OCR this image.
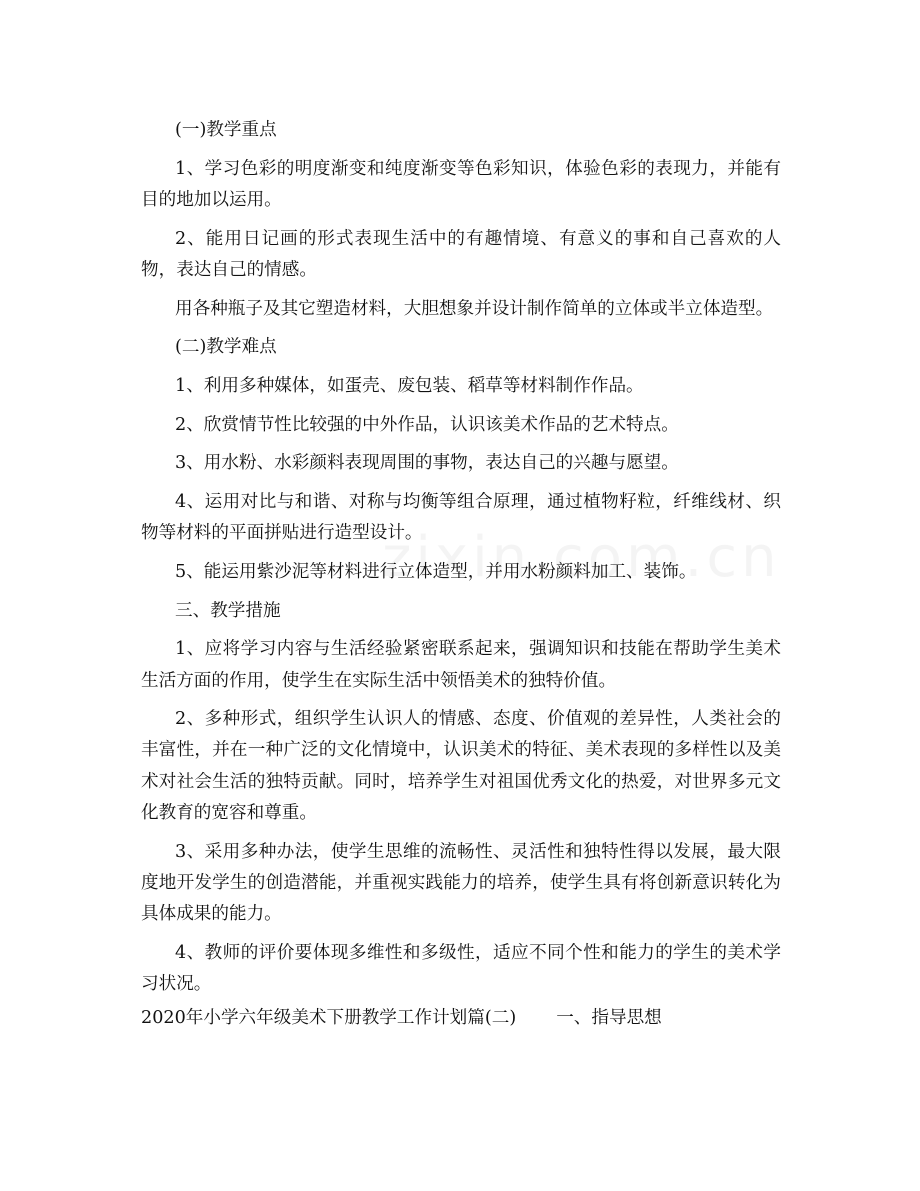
(一)教学重点

1、学习色彩的明度渐变和纯度渐变等色彩知识，体验色彩的表现力，并能有目的地加以运用。

2、能用日记画的形式表现生活中的有趣情境、有意义的事和自己喜欢的人物，表达自己的情感。

用各种瓶子及其它塑造材料，大胆想象并设计制作简单的立体或半立体造型。

(二)教学难点

1、利用多种媒体，如蛋壳、废包装、稻草等材料制作作品。

2、欣赏情节性比较强的中外作品，认识该美术作品的艺术特点。

3、用水粉、水彩颜料表现周围的事物，表达自己的兴趣与愿望。

4、运用对比与和谐、对称与均衡等组合原理，通过植物籽粒，纤维线材、织物等材料的平面拼贴进行造型设计。

5、能运用紫沙泥等材料进行立体造型，并用水粉颜料加工、装饰。

三、教学措施

1、应将学习内容与生活经验紧密联系起来，强调知识和技能在帮助学生美术生活方面的作用，使学生在实际生活中领悟美术的独特价值。

2、多种形式，组织学生认识人的情感、态度、价值观的差异性，人类社会的丰富性，并在一种广泛的文化情境中，认识美术的特征、美术表现的多样性以及美术对社会生活的独特贡献。同时，培养学生对祖国优秀文化的热爱，对世界多元文化教育的宽容和尊重。

3、采用多种办法，使学生思维的流畅性、灵活性和独特性得以发展，最大限度地开发学生的创造潜能，并重视实践能力的培养，使学生具有将创新意识转化为具体成果的能力。

4、教师的评价要体现多维性和多级性，适应不同个性和能力的学生的美术学习状况。

2020年小学六年级美术下册教学工作计划篇(二) 一、指导思想
